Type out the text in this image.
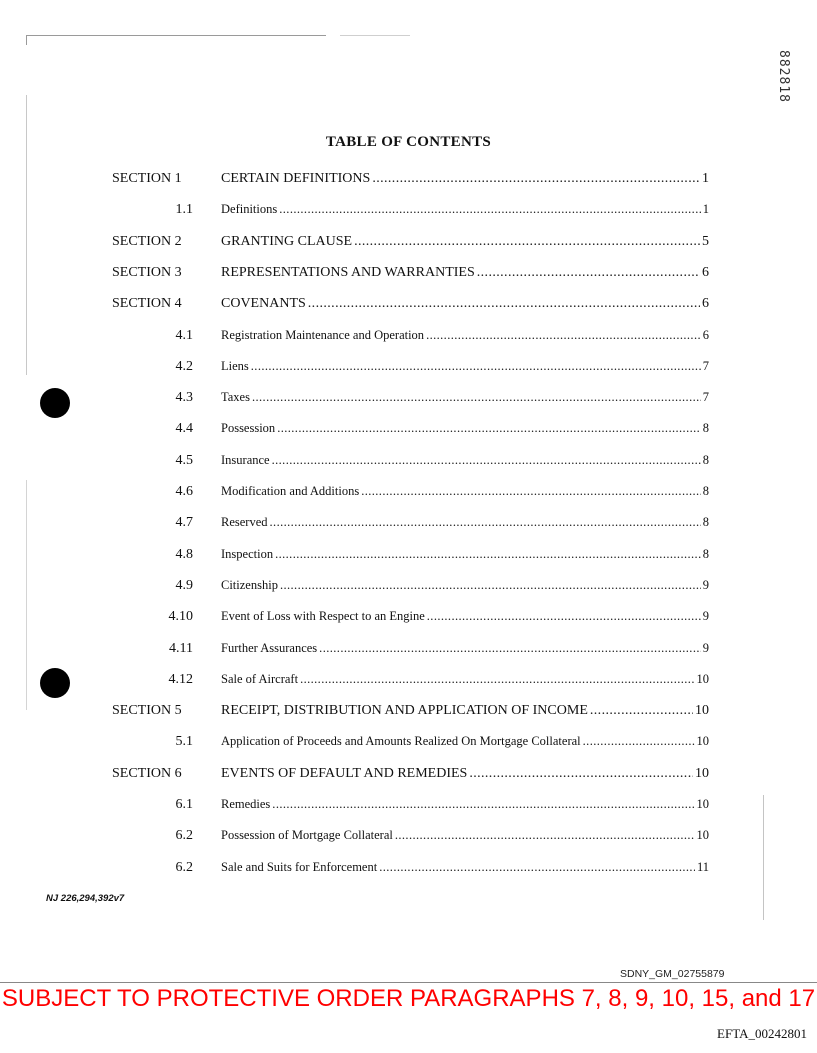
882818
TABLE OF CONTENTS
SECTION 1	CERTAIN DEFINITIONS .....	1
1.1 Definitions .....	1
SECTION 2	GRANTING CLAUSE .....	5
SECTION 3	REPRESENTATIONS AND WARRANTIES .....	6
SECTION 4	COVENANTS .....	6
4.1 Registration Maintenance and Operation .....	6
4.2 Liens .....	7
4.3 Taxes .....	7
4.4 Possession .....	8
4.5 Insurance .....	8
4.6 Modification and Additions .....	8
4.7 Reserved .....	8
4.8 Inspection .....	8
4.9 Citizenship .....	9
4.10 Event of Loss with Respect to an Engine .....	9
4.11 Further Assurances .....	9
4.12 Sale of Aircraft .....	10
SECTION 5	RECEIPT, DISTRIBUTION AND APPLICATION OF INCOME .....	10
5.1 Application of Proceeds and Amounts Realized On Mortgage Collateral .....	10
SECTION 6	EVENTS OF DEFAULT AND REMEDIES .....	10
6.1 Remedies .....	10
6.2 Possession of Mortgage Collateral .....	10
6.2 Sale and Suits for Enforcement .....	11
NJ 226,294,392v7
SDNY_GM_02755879
SUBJECT TO PROTECTIVE ORDER PARAGRAPHS 7, 8, 9, 10, 15, and 17
EFTA_00242801
